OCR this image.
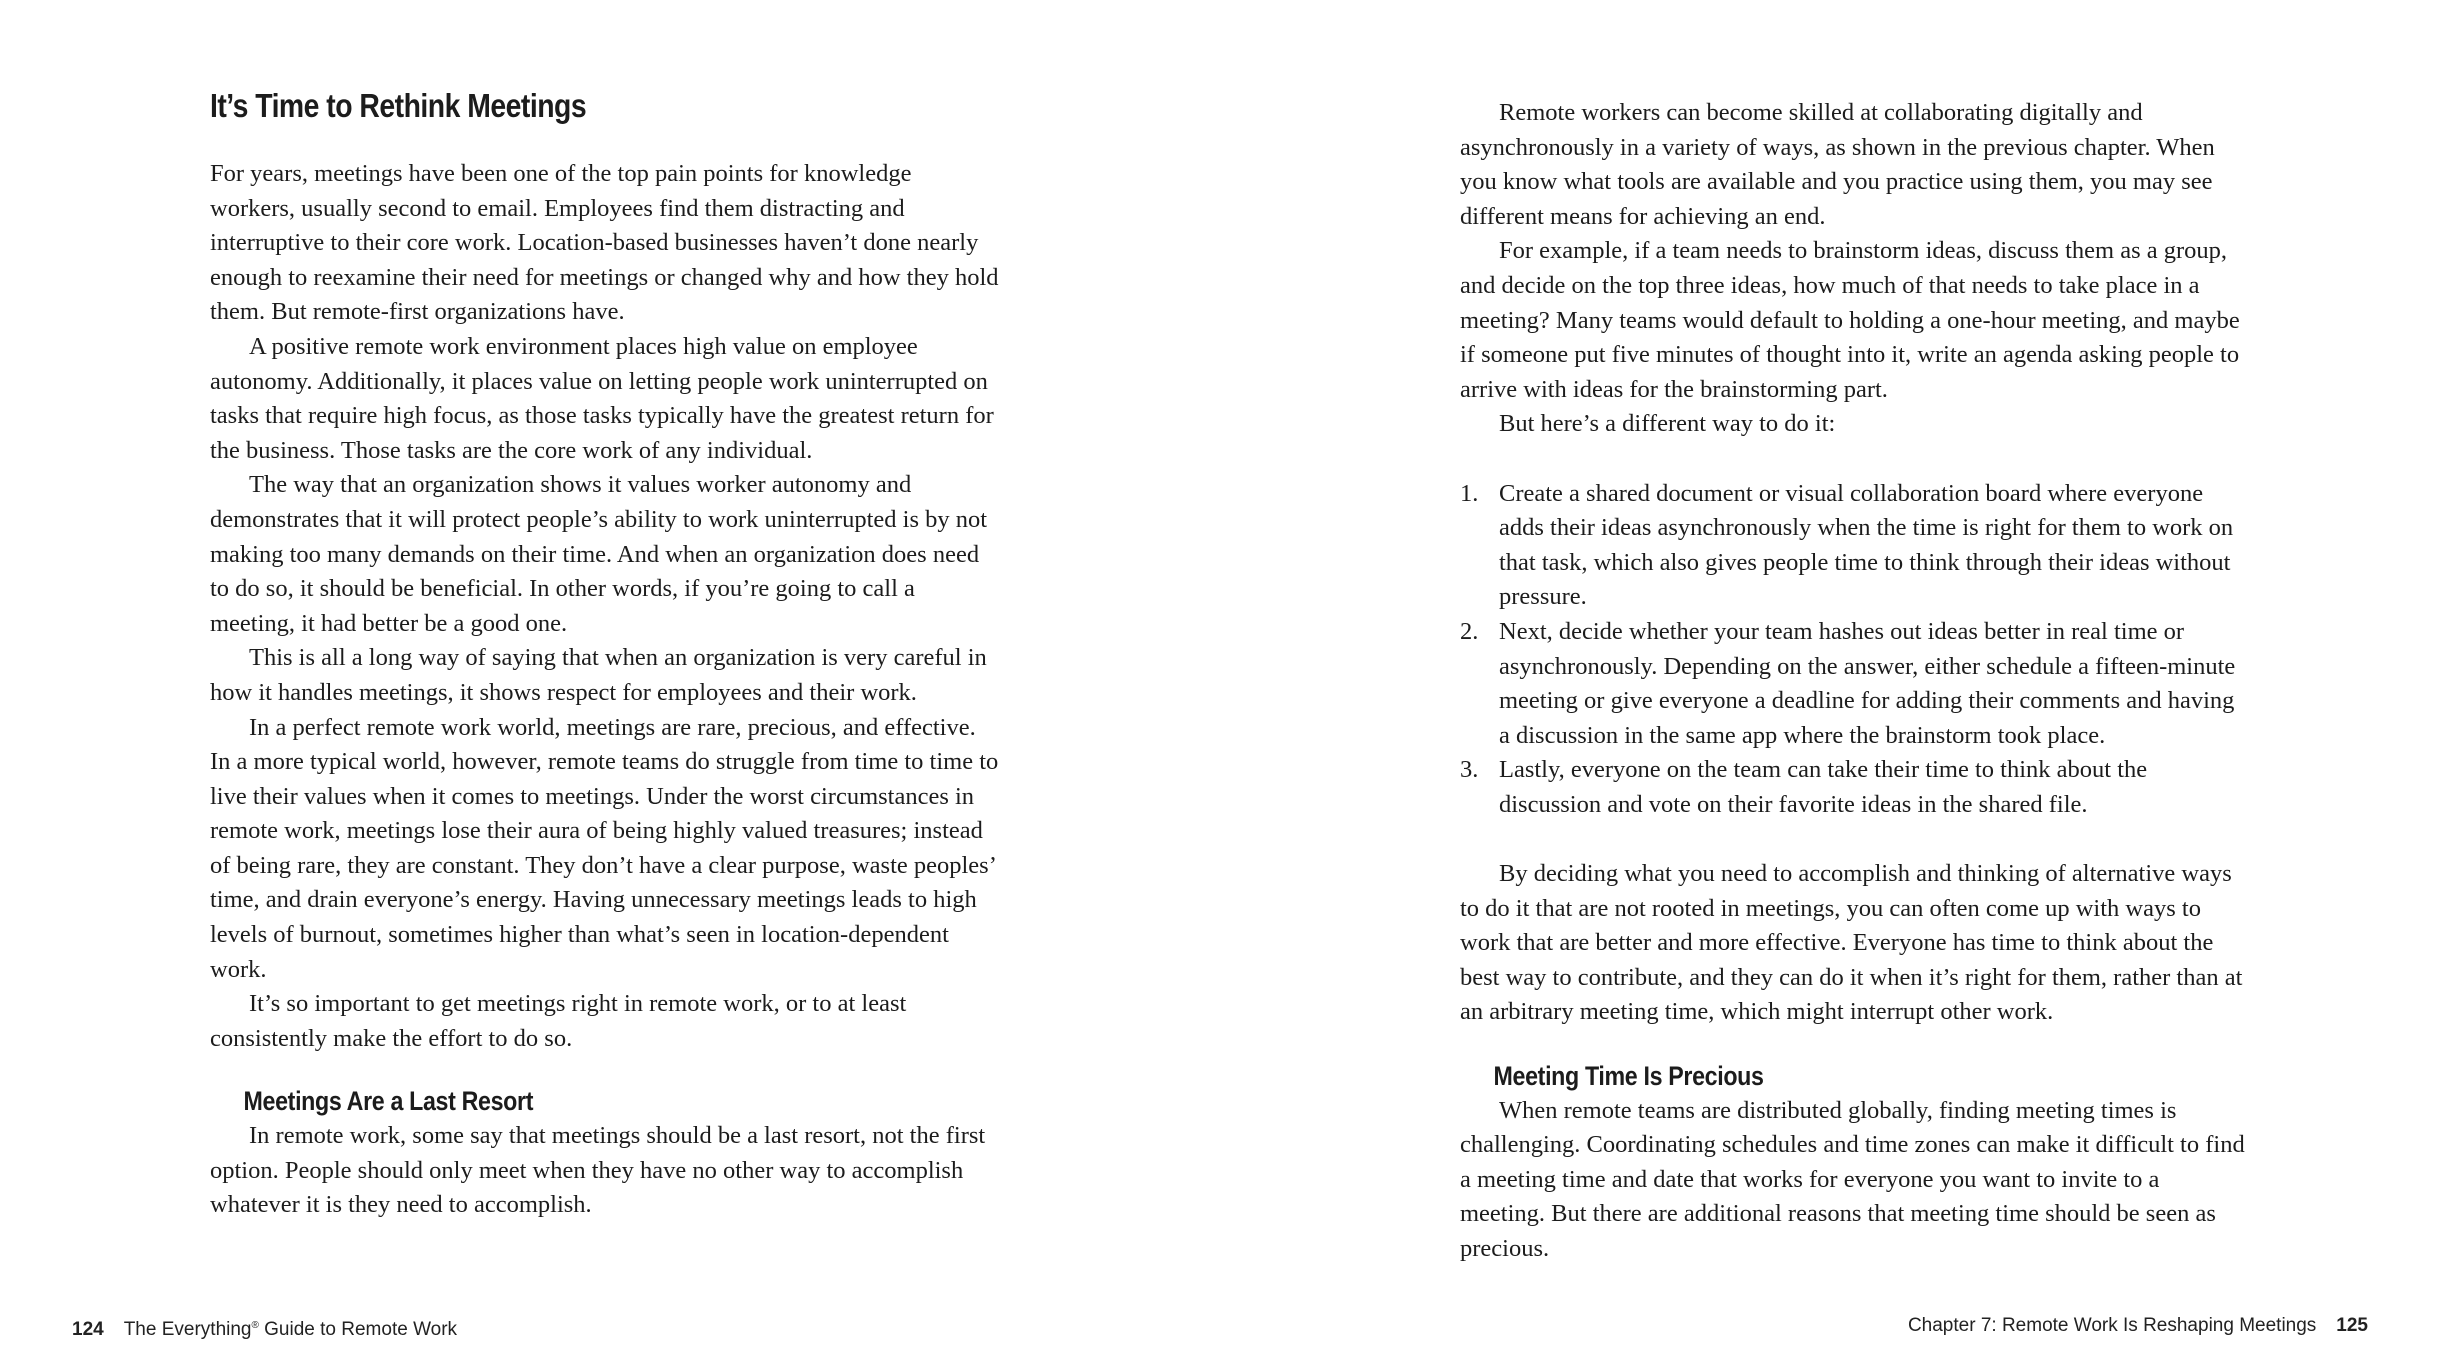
It’s Time to Rethink Meetings

For years, meetings have been one of the top pain points for knowledge workers, usually second to email. Employees find them distracting and interruptive to their core work. Location-based businesses haven’t done nearly enough to reexamine their need for meetings or changed why and how they hold them. But remote-first organizations have.

A positive remote work environment places high value on employee autonomy. Additionally, it places value on letting people work uninterrupted on tasks that require high focus, as those tasks typically have the greatest return for the business. Those tasks are the core work of any individual.

The way that an organization shows it values worker autonomy and demonstrates that it will protect people’s ability to work uninterrupted is by not making too many demands on their time. And when an organization does need to do so, it should be beneficial. In other words, if you’re going to call a meeting, it had better be a good one.

This is all a long way of saying that when an organization is very careful in how it handles meetings, it shows respect for employees and their work.

In a perfect remote work world, meetings are rare, precious, and effective. In a more typical world, however, remote teams do struggle from time to time to live their values when it comes to meetings. Under the worst circumstances in remote work, meetings lose their aura of being highly valued treasures; instead of being rare, they are constant. They don’t have a clear purpose, waste peoples’ time, and drain everyone’s energy. Having unnecessary meetings leads to high levels of burnout, sometimes higher than what’s seen in location-dependent work.

It’s so important to get meetings right in remote work, or to at least consistently make the effort to do so.

Meetings Are a Last Resort

In remote work, some say that meetings should be a last resort, not the first option. People should only meet when they have no other way to accomplish whatever it is they need to accomplish.

124 The Everything® Guide to Remote Work

Remote workers can become skilled at collaborating digitally and asynchronously in a variety of ways, as shown in the previous chapter. When you know what tools are available and you practice using them, you may see different means for achieving an end.

For example, if a team needs to brainstorm ideas, discuss them as a group, and decide on the top three ideas, how much of that needs to take place in a meeting? Many teams would default to holding a one-hour meeting, and maybe if someone put five minutes of thought into it, write an agenda asking people to arrive with ideas for the brainstorming part.

But here’s a different way to do it:

1. Create a shared document or visual collaboration board where everyone adds their ideas asynchronously when the time is right for them to work on that task, which also gives people time to think through their ideas without pressure.
2. Next, decide whether your team hashes out ideas better in real time or asynchronously. Depending on the answer, either schedule a fifteen-minute meeting or give everyone a deadline for adding their comments and having a discussion in the same app where the brainstorm took place.
3. Lastly, everyone on the team can take their time to think about the discussion and vote on their favorite ideas in the shared file.

By deciding what you need to accomplish and thinking of alternative ways to do it that are not rooted in meetings, you can often come up with ways to work that are better and more effective. Everyone has time to think about the best way to contribute, and they can do it when it’s right for them, rather than at an arbitrary meeting time, which might interrupt other work.

Meeting Time Is Precious

When remote teams are distributed globally, finding meeting times is challenging. Coordinating schedules and time zones can make it difficult to find a meeting time and date that works for everyone you want to invite to a meeting. But there are additional reasons that meeting time should be seen as precious.

Chapter 7: Remote Work Is Reshaping Meetings 125
